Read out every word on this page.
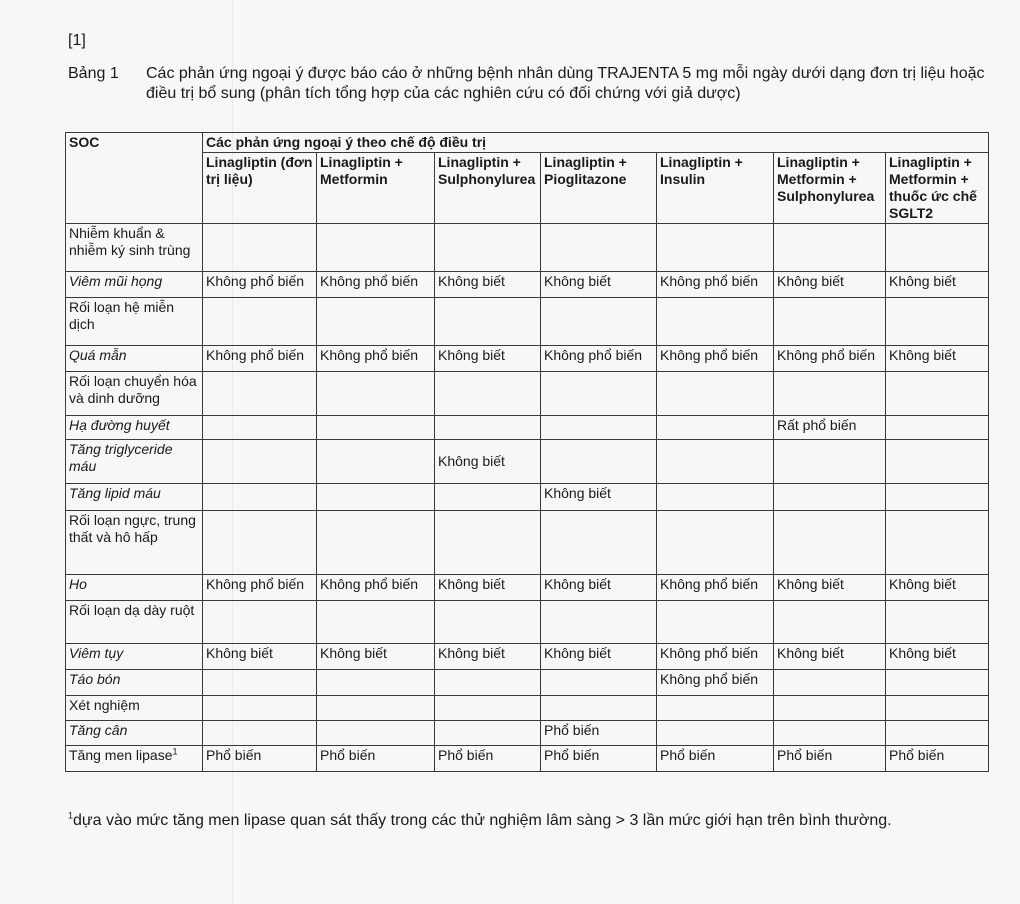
[1]
Bảng 1 Các phản ứng ngoại ý được báo cáo ở những bệnh nhân dùng TRAJENTA 5 mg mỗi ngày dưới dạng đơn trị liệu hoặc điều trị bổ sung (phân tích tổng hợp của các nghiên cứu có đối chứng với giả dược)
SOC	Các phản ứng ngoại ý theo chế độ điều trị						
	Linagliptin (đơn trị liệu)	Linagliptin + Metformin	Linagliptin + Sulphonylurea	Linagliptin + Pioglitazone	Linagliptin + Insulin	Linagliptin + Metformin + Sulphonylurea	Linagliptin + Metformin + thuốc ức chế SGLT2
Nhiễm khuẩn & nhiễm ký sinh trùng							
Viêm mũi họng	Không phổ biến	Không phổ biến	Không biết	Không biết	Không phổ biến	Không biết	Không biết
Rối loạn hệ miễn dịch							
Quá mẫn	Không phổ biến	Không phổ biến	Không biết	Không phổ biến	Không phổ biến	Không phổ biến	Không biết
Rối loạn chuyển hóa và dinh dưỡng							
Hạ đường huyết						Rất phổ biến	
Tăng triglyceride máu			Không biết				
Tăng lipid máu				Không biết			
Rối loạn ngực, trung thất và hô hấp							
Ho	Không phổ biến	Không phổ biến	Không biết	Không biết	Không phổ biến	Không biết	Không biết
Rối loạn dạ dày ruột							
Viêm tụy	Không biết	Không biết	Không biết	Không biết	Không phổ biến	Không biết	Không biết
Táo bón					Không phổ biến		
Xét nghiệm							
Tăng cân				Phổ biến			
Tăng men lipase$^1$	Phổ biến	Phổ biến	Phổ biến	Phổ biến	Phổ biến	Phổ biến	Phổ biến
$^1$dựa vào mức tăng men lipase quan sát thấy trong các thử nghiệm lâm sàng > 3 lần mức giới hạn trên bình thường.
